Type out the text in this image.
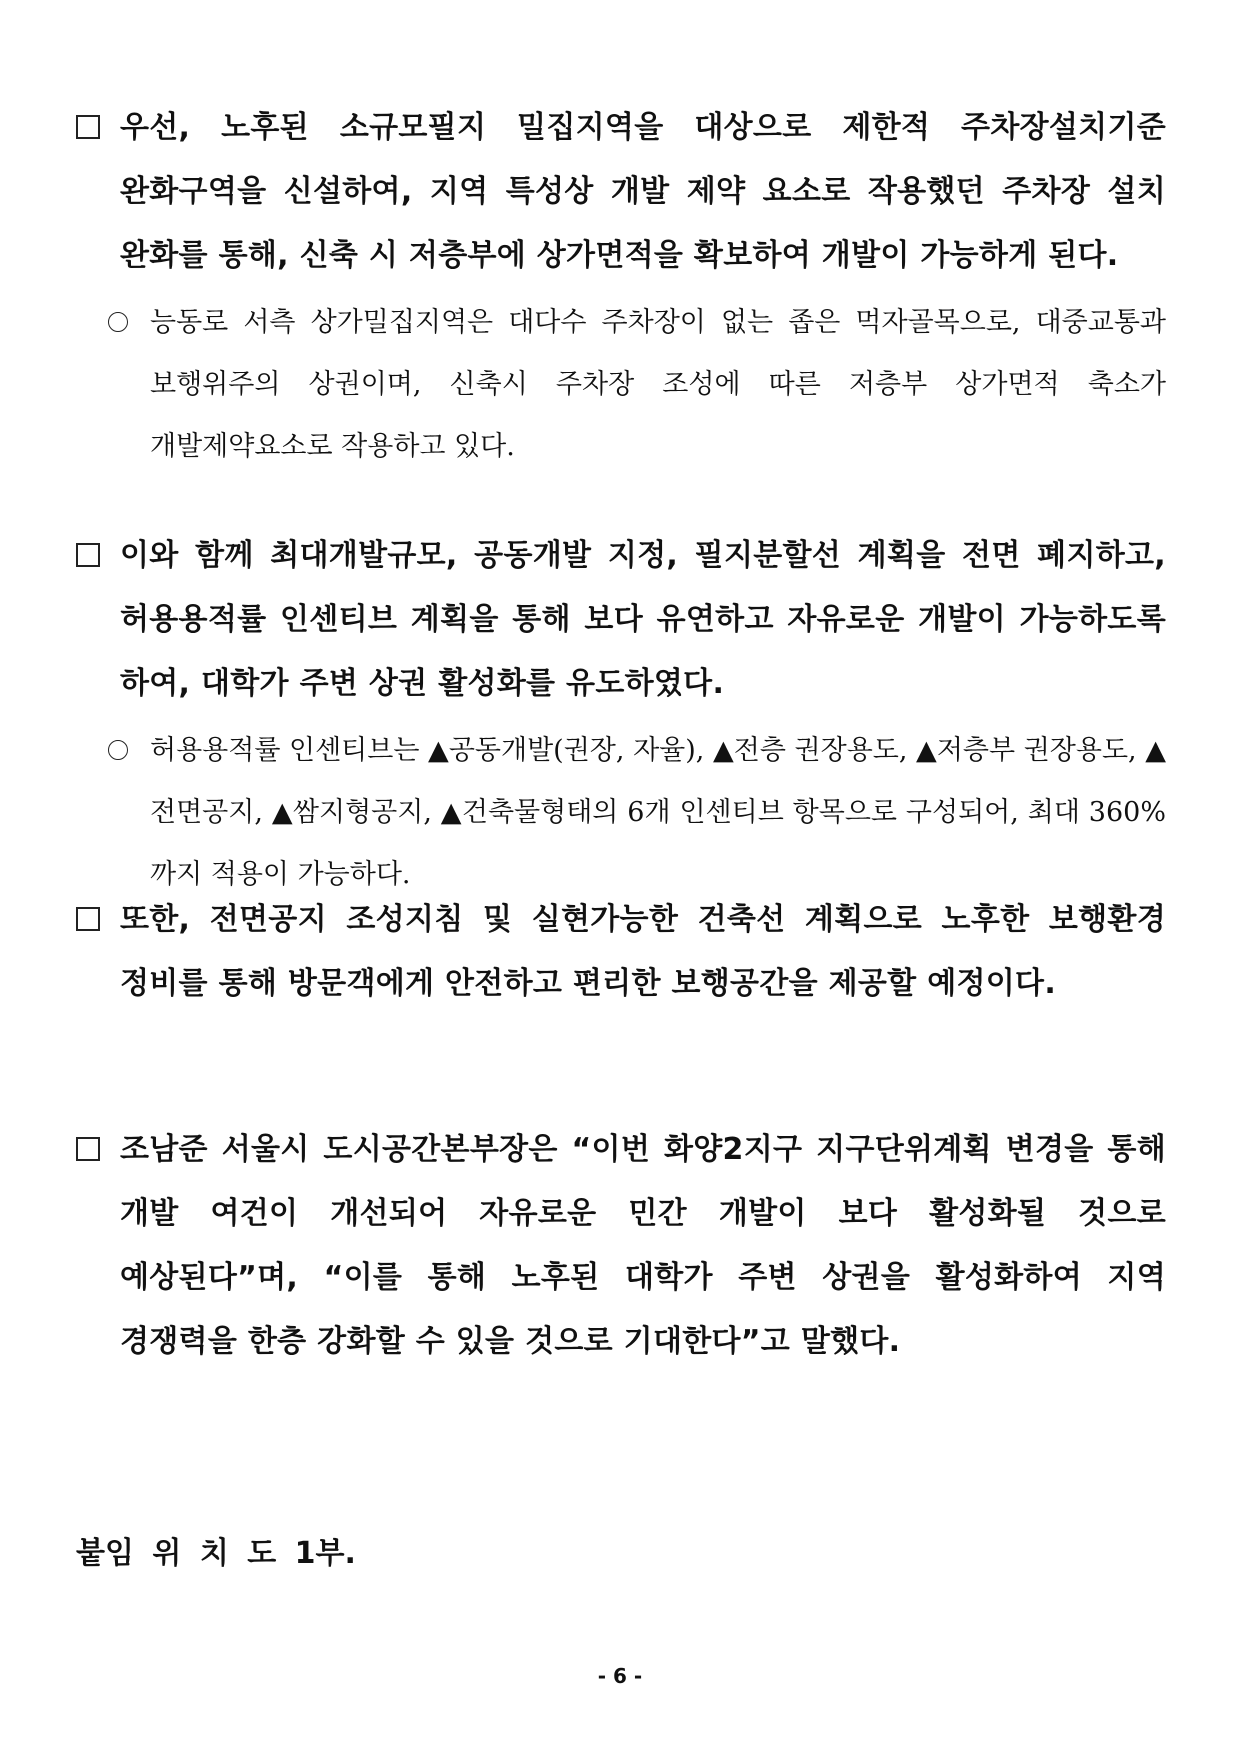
우선, 노후된 소규모필지 밀집지역을 대상으로 제한적 주차장설치기준 완화구역을 신설하여, 지역 특성상 개발 제약 요소로 작용했던 주차장 설치 완화를 통해, 신축 시 저층부에 상가면적을 확보하여 개발이 가능하게 된다.
능동로 서측 상가밀집지역은 대다수 주차장이 없는 좁은 먹자골목으로, 대중교통과 보행위주의 상권이며, 신축시 주차장 조성에 따른 저층부 상가면적 축소가 개발제약요소로 작용하고 있다.
이와 함께 최대개발규모, 공동개발 지정, 필지분할선 계획을 전면 폐지하고, 허용용적률 인센티브 계획을 통해 보다 유연하고 자유로운 개발이 가능하도록 하여, 대학가 주변 상권 활성화를 유도하였다.
허용용적률 인센티브는 ▲공동개발(권장, 자율), ▲전층 권장용도, ▲저층부 권장용도, ▲전면공지, ▲쌈지형공지, ▲건축물형태의 6개 인센티브 항목으로 구성되어, 최대 360%까지 적용이 가능하다.
또한, 전면공지 조성지침 및 실현가능한 건축선 계획으로 노후한 보행환경 정비를 통해 방문객에게 안전하고 편리한 보행공간을 제공할 예정이다.
조남준 서울시 도시공간본부장은 “이번 화양2지구 지구단위계획 변경을 통해 개발 여건이 개선되어 자유로운 민간 개발이 보다 활성화될 것으로 예상된다”며, “이를 통해 노후된 대학가 주변 상권을 활성화하여 지역 경쟁력을 한층 강화할 수 있을 것으로 기대한다”고 말했다.
붙임 위 치 도 1부.
- 6 -
